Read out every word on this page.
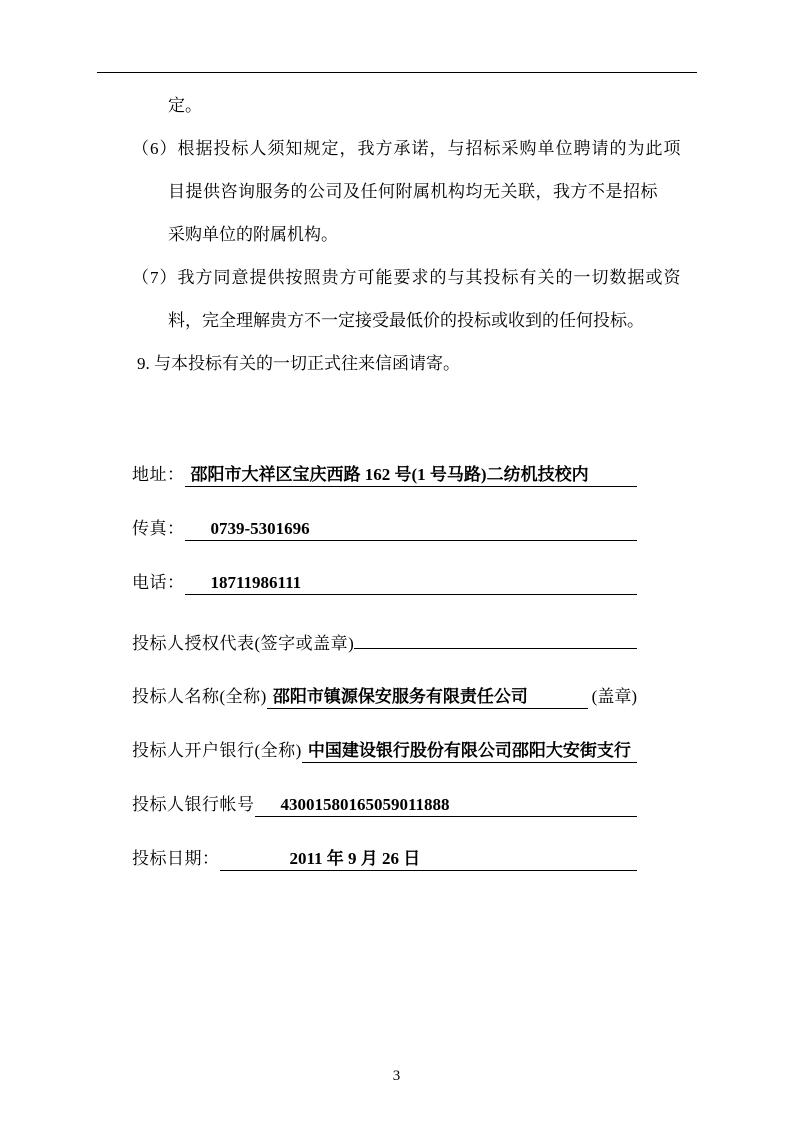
定。
（6）根据投标人须知规定，我方承诺，与招标采购单位聘请的为此项
目提供咨询服务的公司及任何附属机构均无关联，我方不是招标
采购单位的附属机构。
（7）我方同意提供按照贵方可能要求的与其投标有关的一切数据或资
料，完全理解贵方不一定接受最低价的投标或收到的任何投标。
9. 与本投标有关的一切正式往来信函请寄。
地址： 邵阳市大祥区宝庆西路 162 号(1 号马路)二纺机技校内
传真：	0739-5301696
电话：	18711986111
投标人授权代表(签字或盖章)
投标人名称(全称) 邵阳市镇源保安服务有限责任公司	(盖章)
投标人开户银行(全称) 中国建设银行股份有限公司邵阳大安街支行
投标人银行帐号	43001580165059011888
投标日期：	2011 年 9 月 26 日
3
